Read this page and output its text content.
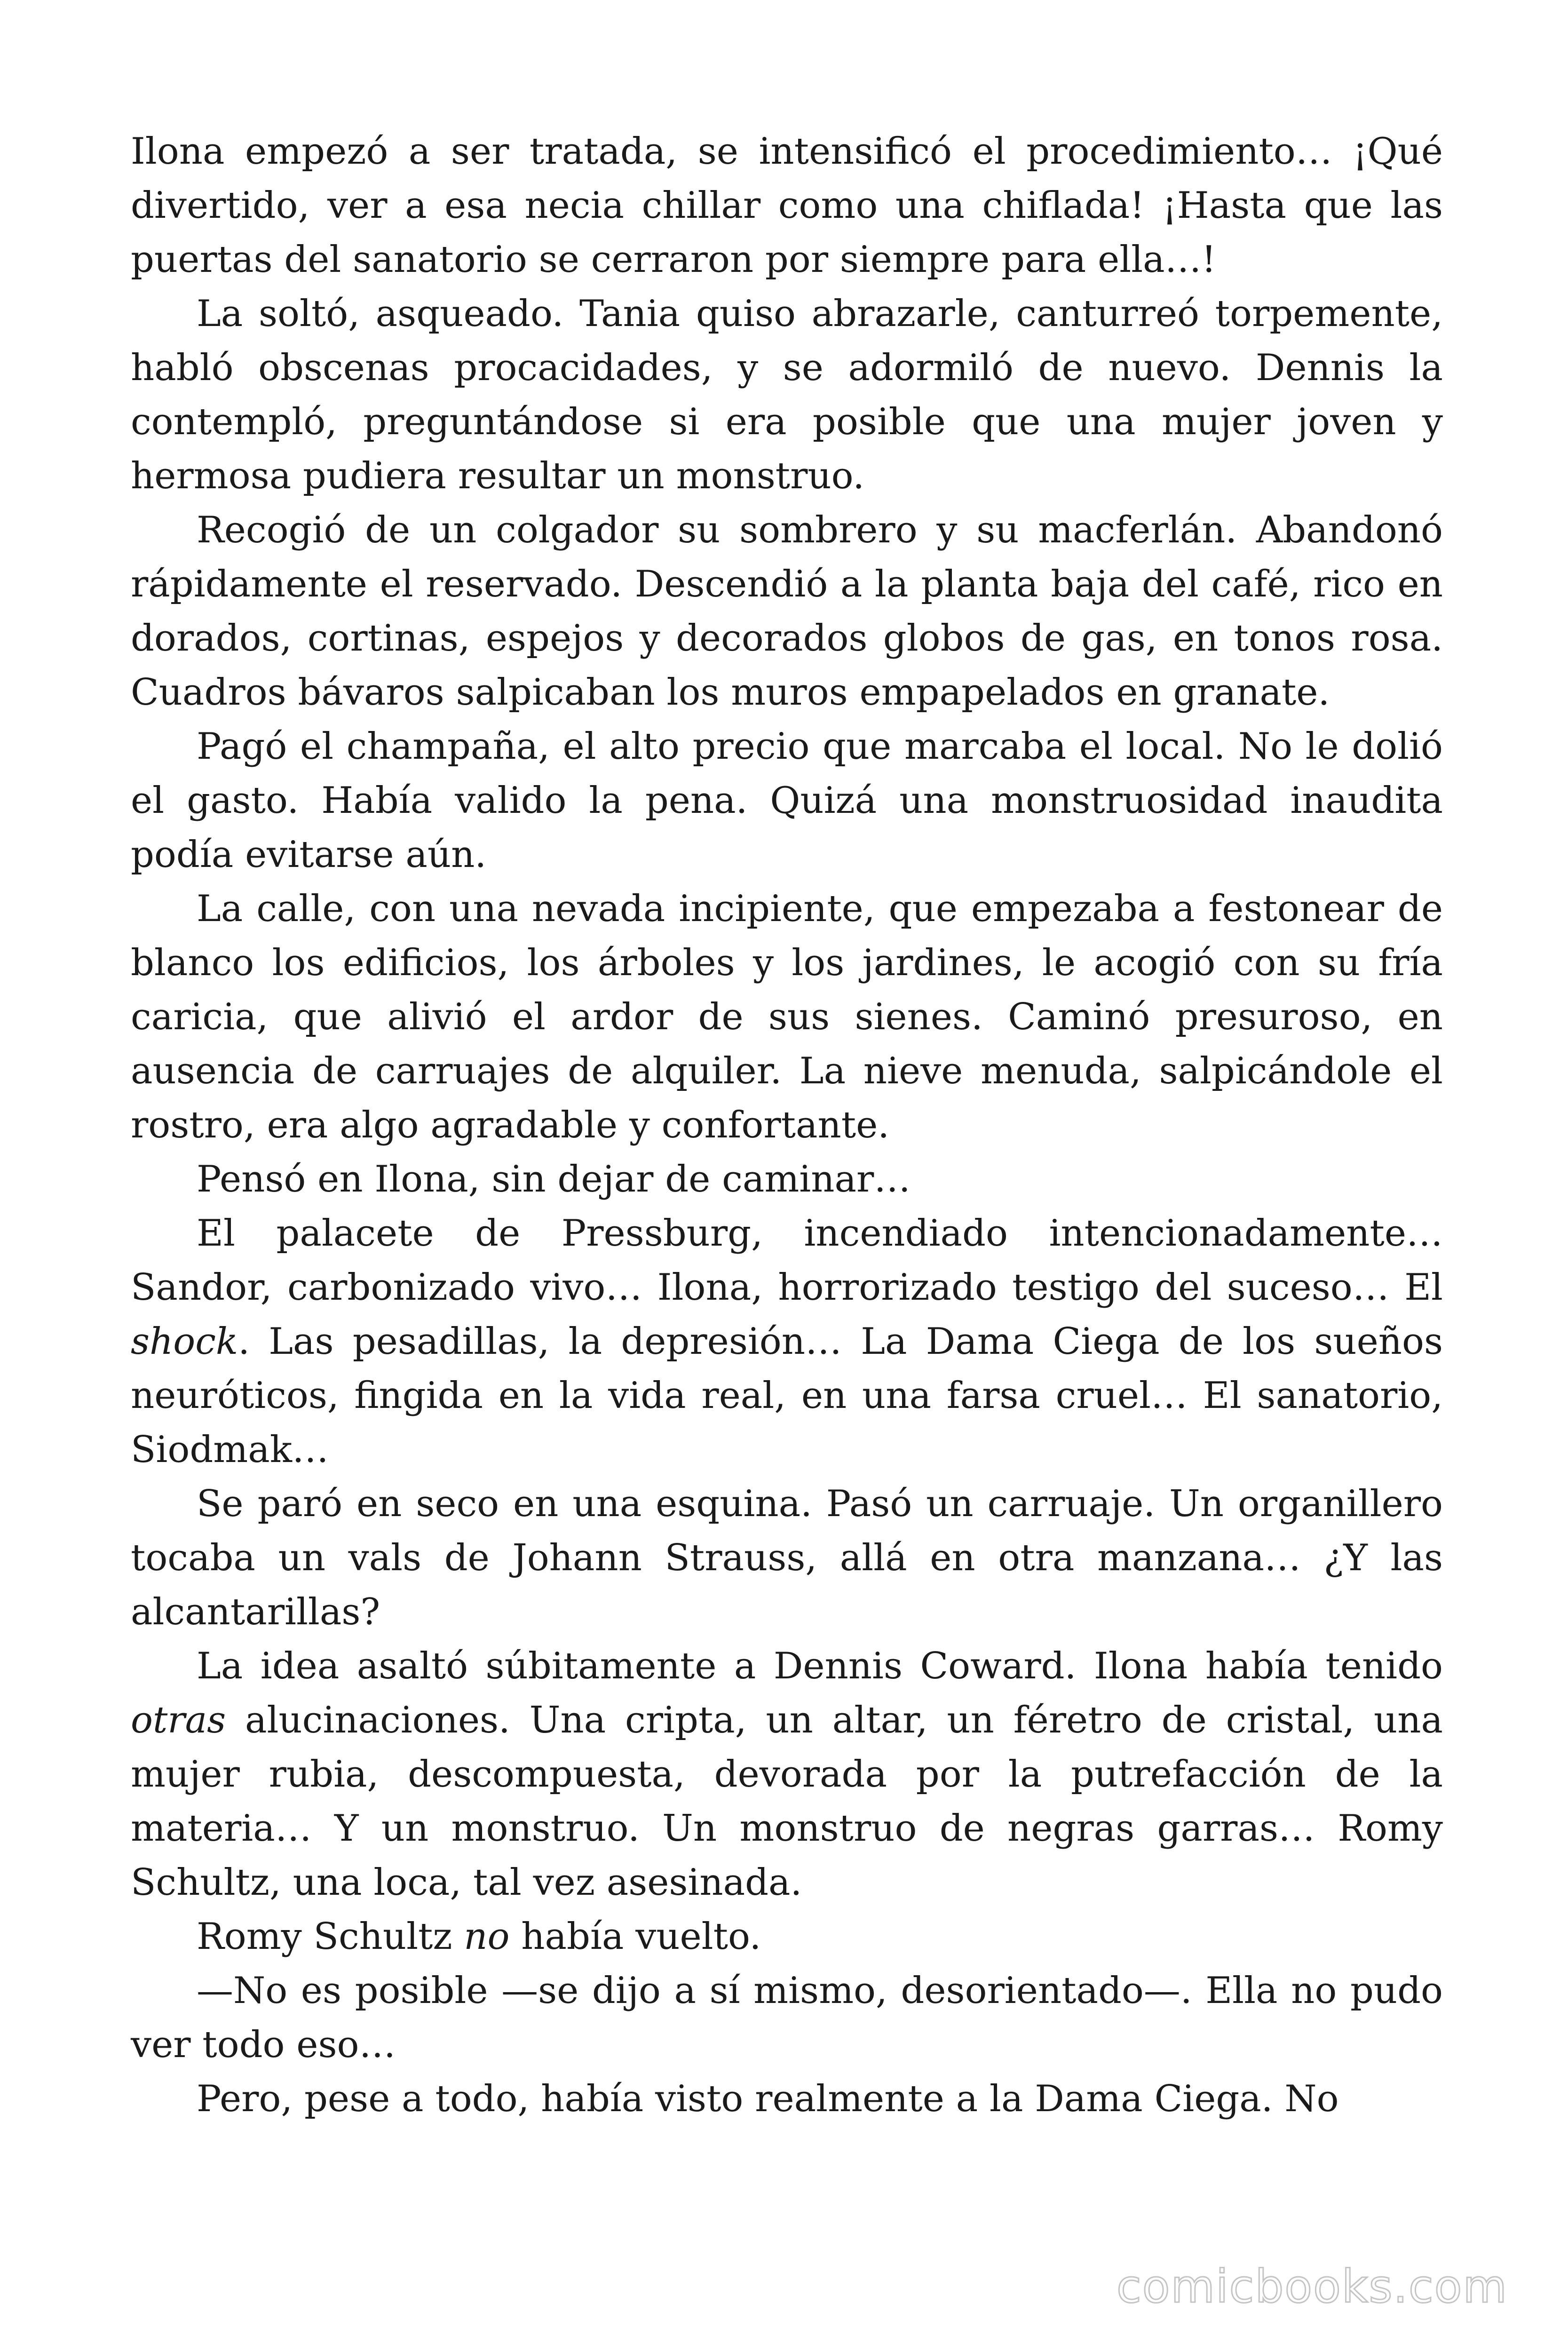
Ilona empezó a ser tratada, se intensificó el procedimiento… ¡Qué divertido, ver a esa necia chillar como una chiflada! ¡Hasta que las puertas del sanatorio se cerraron por siempre para ella…!

La soltó, asqueado. Tania quiso abrazarle, canturreó torpemente, habló obscenas procacidades, y se adormiló de nuevo. Dennis la contempló, preguntándose si era posible que una mujer joven y hermosa pudiera resultar un monstruo.

Recogió de un colgador su sombrero y su macferlán. Abandonó rápidamente el reservado. Descendió a la planta baja del café, rico en dorados, cortinas, espejos y decorados globos de gas, en tonos rosa. Cuadros bávaros salpicaban los muros empapelados en granate.

Pagó el champaña, el alto precio que marcaba el local. No le dolió el gasto. Había valido la pena. Quizá una monstruosidad inaudita podía evitarse aún.

La calle, con una nevada incipiente, que empezaba a festonear de blanco los edificios, los árboles y los jardines, le acogió con su fría caricia, que alivió el ardor de sus sienes. Caminó presuroso, en ausencia de carruajes de alquiler. La nieve menuda, salpicándole el rostro, era algo agradable y confortante.

Pensó en Ilona, sin dejar de caminar…

El palacete de Pressburg, incendiado intencionadamente… Sandor, carbonizado vivo… Ilona, horrorizado testigo del suceso… El shock. Las pesadillas, la depresión… La Dama Ciega de los sueños neuróticos, fingida en la vida real, en una farsa cruel… El sanatorio, Siodmak…

Se paró en seco en una esquina. Pasó un carruaje. Un organillero tocaba un vals de Johann Strauss, allá en otra manzana… ¿Y las alcantarillas?

La idea asaltó súbitamente a Dennis Coward. Ilona había tenido otras alucinaciones. Una cripta, un altar, un féretro de cristal, una mujer rubia, descompuesta, devorada por la putrefacción de la materia… Y un monstruo. Un monstruo de negras garras… Romy Schultz, una loca, tal vez asesinada.

Romy Schultz no había vuelto.

—No es posible —se dijo a sí mismo, desorientado—. Ella no pudo ver todo eso…

Pero, pese a todo, había visto realmente a la Dama Ciega. No

comicbooks.com
